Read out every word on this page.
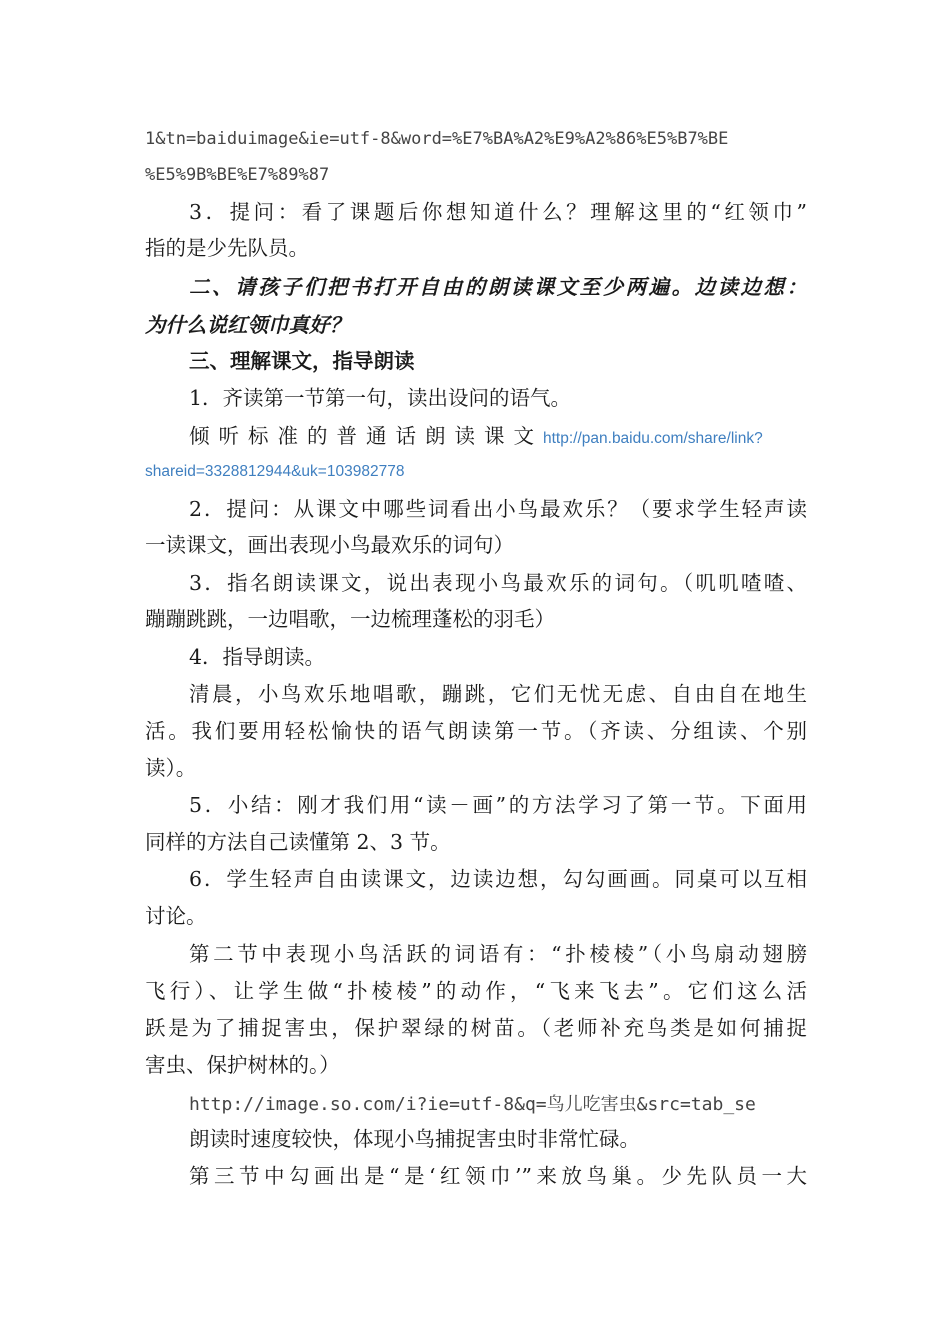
1&tn=baiduimage&ie=utf-8&word=%E7%BA%A2%E9%A2%86%E5%B7%BE
%E5%9B%BE%E7%89%87
3．提问：看了课题后你想知道什么？理解这里的“红领巾”
指的是少先队员。
二、请孩子们把书打开自由的朗读课文至少两遍。边读边想：
为什么说红领巾真好？
三、理解课文，指导朗读
1．齐读第一节第一句，读出设问的语气。
倾听标准的普通话朗读课文http://pan.baidu.com/share/link?
shareid=3328812944&uk=103982778
2．提问：从课文中哪些词看出小鸟最欢乐？（要求学生轻声读
一读课文，画出表现小鸟最欢乐的词句）
3．指名朗读课文，说出表现小鸟最欢乐的词句。（叽叽喳喳、
蹦蹦跳跳，一边唱歌，一边梳理蓬松的羽毛）
4．指导朗读。
清晨，小鸟欢乐地唱歌，蹦跳，它们无忧无虑、自由自在地生
活。我们要用轻松愉快的语气朗读第一节。（齐读、分组读、个别
读）。
5．小结：刚才我们用“读－画”的方法学习了第一节。下面用
同样的方法自己读懂第 2、3 节。
6．学生轻声自由读课文，边读边想，勾勾画画。同桌可以互相
讨论。
第二节中表现小鸟活跃的词语有：“扑棱棱”（小鸟扇动翅膀
飞行）、让学生做“扑棱棱”的动作，“飞来飞去”。它们这么活
跃是为了捕捉害虫，保护翠绿的树苗。（老师补充鸟类是如何捕捉
害虫、保护树林的。）
http://image.so.com/i?ie=utf-8&q=鸟儿吃害虫&src=tab_se
朗读时速度较快，体现小鸟捕捉害虫时非常忙碌。
第三节中勾画出是“是‘红领巾’”来放鸟巢。少先队员一大
